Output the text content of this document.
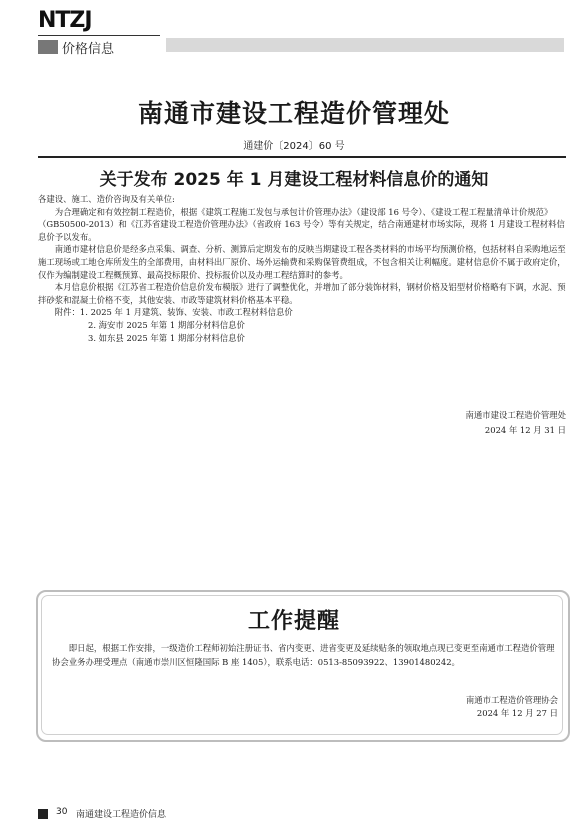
NTZJ
价格信息
南通市建设工程造价管理处
通建价〔2024〕60 号
关于发布 2025 年 1 月建设工程材料信息价的通知

各建设、施工、造价咨询及有关单位:

为合理确定和有效控制工程造价，根据《建筑工程施工发包与承包计价管理办法》（建设部 16 号令）、《建设工程工程量清单计价规范》（GB50500-2013）和《江苏省建设工程造价管理办法》（省政府 163 号令）等有关规定，结合南通建材市场实际，现将 1 月建设工程材料信息价予以发布。

南通市建材信息价是经多点采集、调查、分析、测算后定期发布的反映当期建设工程各类材料的市场平均预测价格，包括材料自采购地运至施工现场或工地仓库所发生的全部费用，由材料出厂原价、场外运输费和采购保管费组成，不包含相关让利幅度。建材信息价不属于政府定价，仅作为编制建设工程概预算、最高投标限价、投标报价以及办理工程结算时的参考。

本月信息价根据《江苏省工程造价信息价发布模版》进行了调整优化，并增加了部分装饰材料，钢材价格及铝型材价格略有下调，水泥、预拌砂浆和混凝土价格不变，其他安装、市政等建筑材料价格基本平稳。

附件：1. 2025 年 1 月建筑、装饰、安装、市政工程材料信息价

2. 海安市 2025 年第 1 期部分材料信息价

3. 如东县 2025 年第 1 期部分材料信息价

南通市建设工程造价管理处
2024 年 12 月 31 日
工作提醒

即日起，根据工作安排，一级造价工程师初始注册证书、省内变更、进省变更及延续贴条的领取地点现已变更至南通市工程造价管理协会业务办理受理点（南通市崇川区恒隆国际 B 座 1405），联系电话：0513-85093922、13901480242。

南通市工程造价管理协会
2024 年 12 月 27 日
30 南通建设工程造价信息
